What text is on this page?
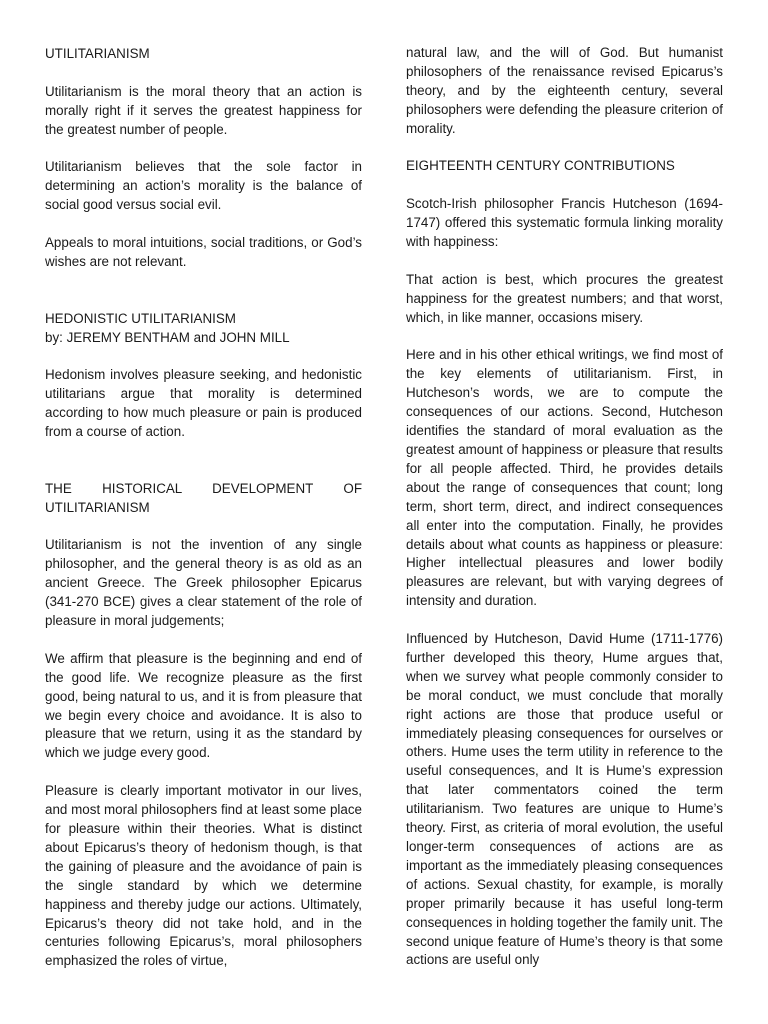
UTILITARIANISM

Utilitarianism is the moral theory that an action is morally right if it serves the greatest happiness for the greatest number of people.

Utilitarianism believes that the sole factor in determining an action’s morality is the balance of social good versus social evil.

Appeals to moral intuitions, social traditions, or God’s wishes are not relevant.

HEDONISTIC UTILITARIANISM

by: JEREMY BENTHAM and JOHN MILL

Hedonism involves pleasure seeking, and hedonistic utilitarians argue that morality is determined according to how much pleasure or pain is produced from a course of action.

THE HISTORICAL DEVELOPMENT OF
UTILITARIANISM

Utilitarianism is not the invention of any single philosopher, and the general theory is as old as an ancient Greece. The Greek philosopher Epicarus (341-270 BCE) gives a clear statement of the role of pleasure in moral judgements;

We affirm that pleasure is the beginning and end of the good life. We recognize pleasure as the first good, being natural to us, and it is from pleasure that we begin every choice and avoidance. It is also to pleasure that we return, using it as the standard by which we judge every good.

Pleasure is clearly important motivator in our lives, and most moral philosophers find at least some place for pleasure within their theories. What is distinct about Epicarus’s theory of hedonism though, is that the gaining of pleasure and the avoidance of pain is the single standard by which we determine happiness and thereby judge our actions. Ultimately, Epicarus’s theory did not take hold, and in the centuries following Epicarus’s, moral philosophers emphasized the roles of virtue,

natural law, and the will of God. But humanist philosophers of the renaissance revised Epicarus’s theory, and by the eighteenth century, several philosophers were defending the pleasure criterion of morality.

EIGHTEENTH CENTURY CONTRIBUTIONS

Scotch-Irish philosopher Francis Hutcheson (1694-1747) offered this systematic formula linking morality with happiness:

That action is best, which procures the greatest happiness for the greatest numbers; and that worst, which, in like manner, occasions misery.

Here and in his other ethical writings, we find most of the key elements of utilitarianism. First, in Hutcheson’s words, we are to compute the consequences of our actions. Second, Hutcheson identifies the standard of moral evaluation as the greatest amount of happiness or pleasure that results for all people affected. Third, he provides details about the range of consequences that count; long term, short term, direct, and indirect consequences all enter into the computation. Finally, he provides details about what counts as happiness or pleasure: Higher intellectual pleasures and lower bodily pleasures are relevant, but with varying degrees of intensity and duration.

Influenced by Hutcheson, David Hume (1711-1776) further developed this theory, Hume argues that, when we survey what people commonly consider to be moral conduct, we must conclude that morally right actions are those that produce useful or immediately pleasing consequences for ourselves or others. Hume uses the term utility in reference to the useful consequences, and It is Hume’s expression that later commentators coined the term utilitarianism. Two features are unique to Hume’s theory. First, as criteria of moral evolution, the useful longer-term consequences of actions are as important as the immediately pleasing consequences of actions. Sexual chastity, for example, is morally proper primarily because it has useful long-term consequences in holding together the family unit. The second unique feature of Hume’s theory is that some actions are useful only
